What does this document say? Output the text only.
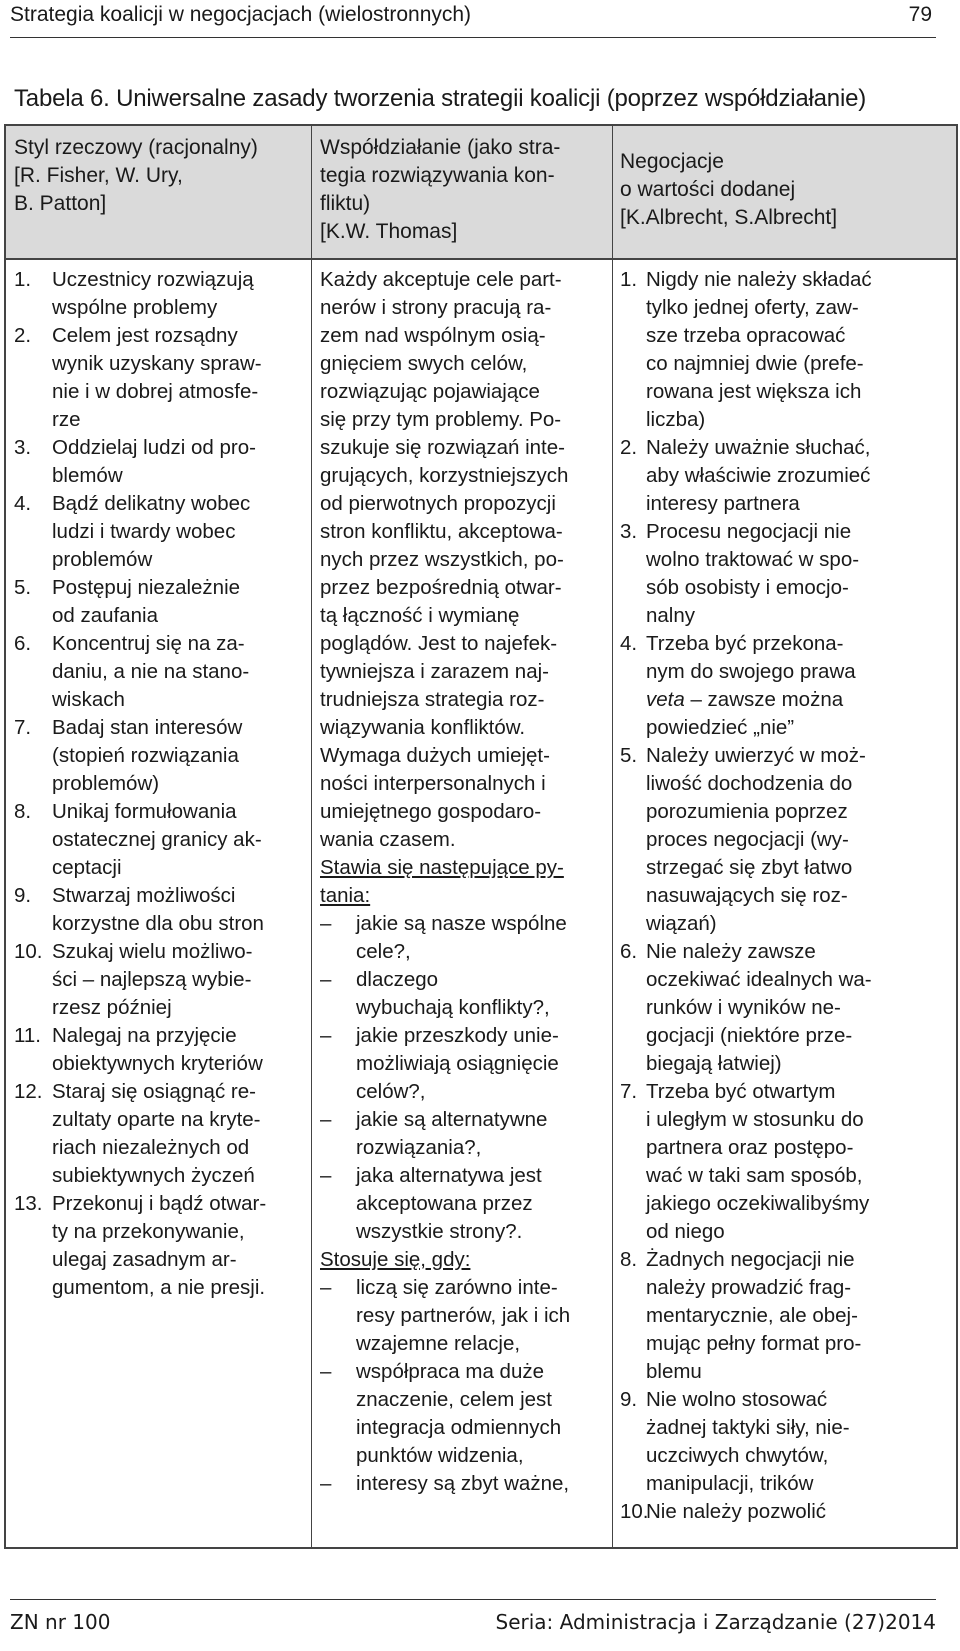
Strategia koalicji w negocjacjach (wielostronnych)	79
Tabela 6. Uniwersalne zasady tworzenia strategii koalicji (poprzez współdziałanie)
Styl rzeczowy (racjonalny)
[R. Fisher, W. Ury,
B. Patton]
Współdziałanie (jako stra-
tegia rozwiązywania kon-
fliktu)
[K.W. Thomas]
Negocjacje
o wartości dodanej
[K.Albrecht, S.Albrecht]
1. Uczestnicy rozwiązują
wspólne problemy
2. Celem jest rozsądny
wynik uzyskany spraw-
nie i w dobrej atmosfe-
rze
3. Oddzielaj ludzi od pro-
blemów
4. Bądź delikatny wobec
ludzi i twardy wobec
problemów
5. Postępuj niezależnie
od zaufania
6. Koncentruj się na za-
daniu, a nie na stano-
wiskach
7. Badaj stan interesów
(stopień rozwiązania
problemów)
8. Unikaj formułowania
ostatecznej granicy ak-
ceptacji
9. Stwarzaj możliwości
korzystne dla obu stron
10. Szukaj wielu możliwo-
ści – najlepszą wybie-
rzesz później
11. Nalegaj na przyjęcie
obiektywnych kryteriów
12. Staraj się osiągnąć re-
zultaty oparte na kryte-
riach niezależnych od
subiektywnych życzeń
13. Przekonuj i bądź otwar-
ty na przekonywanie,
ulegaj zasadnym ar-
gumentom, a nie presji.
Każdy akceptuje cele part-
nerów i strony pracują ra-
zem nad wspólnym osią-
gnięciem swych celów,
rozwiązując pojawiające
się przy tym problemy. Po-
szukuje się rozwiązań inte-
grujących, korzystniejszych
od pierwotnych propozycji
stron konfliktu, akceptowa-
nych przez wszystkich, po-
przez bezpośrednią otwar-
tą łączność i wymianę
poglądów. Jest to najefek-
tywniejsza i zarazem naj-
trudniejsza strategia roz-
wiązywania konfliktów.
Wymaga dużych umiejęt-
ności interpersonalnych i
umiejętnego gospodaro-
wania czasem.
Stawia się następujące py-
tania:
– jakie są nasze wspólne
cele?,
– dlaczego
wybuchają konflikty?,
– jakie przeszkody unie-
możliwiają osiągnięcie
celów?,
– jakie są alternatywne
rozwiązania?,
– jaka alternatywa jest
akceptowana przez
wszystkie strony?.
Stosuje się, gdy:
– liczą się zarówno inte-
resy partnerów, jak i ich
wzajemne relacje,
– współpraca ma duże
znaczenie, celem jest
integracja odmiennych
punktów widzenia,
– interesy są zbyt ważne,
1. Nigdy nie należy składać
tylko jednej oferty, zaw-
sze trzeba opracować
co najmniej dwie (prefe-
rowana jest większa ich
liczba)
2. Należy uważnie słuchać,
aby właściwie zrozumieć
interesy partnera
3. Procesu negocjacji nie
wolno traktować w spo-
sób osobisty i emocjo-
nalny
4. Trzeba być przekona-
nym do swojego prawa
veta – zawsze można
powiedzieć „nie”
5. Należy uwierzyć w moż-
liwość dochodzenia do
porozumienia poprzez
proces negocjacji (wy-
strzegać się zbyt łatwo
nasuwających się roz-
wiązań)
6. Nie należy zawsze
oczekiwać idealnych wa-
runków i wyników ne-
gocjacji (niektóre prze-
biegają łatwiej)
7. Trzeba być otwartym
i uległym w stosunku do
partnera oraz postępo-
wać w taki sam sposób,
jakiego oczekiwalibyśmy
od niego
8. Żadnych negocjacji nie
należy prowadzić frag-
mentarycznie, ale obej-
mując pełny format pro-
blemu
9. Nie wolno stosować
żadnej taktyki siły, nie-
uczciwych chwytów,
manipulacji, trików
10.
Nie należy pozwolić
ZN nr 100	Seria: Administracja i Zarządzanie (27)2014
